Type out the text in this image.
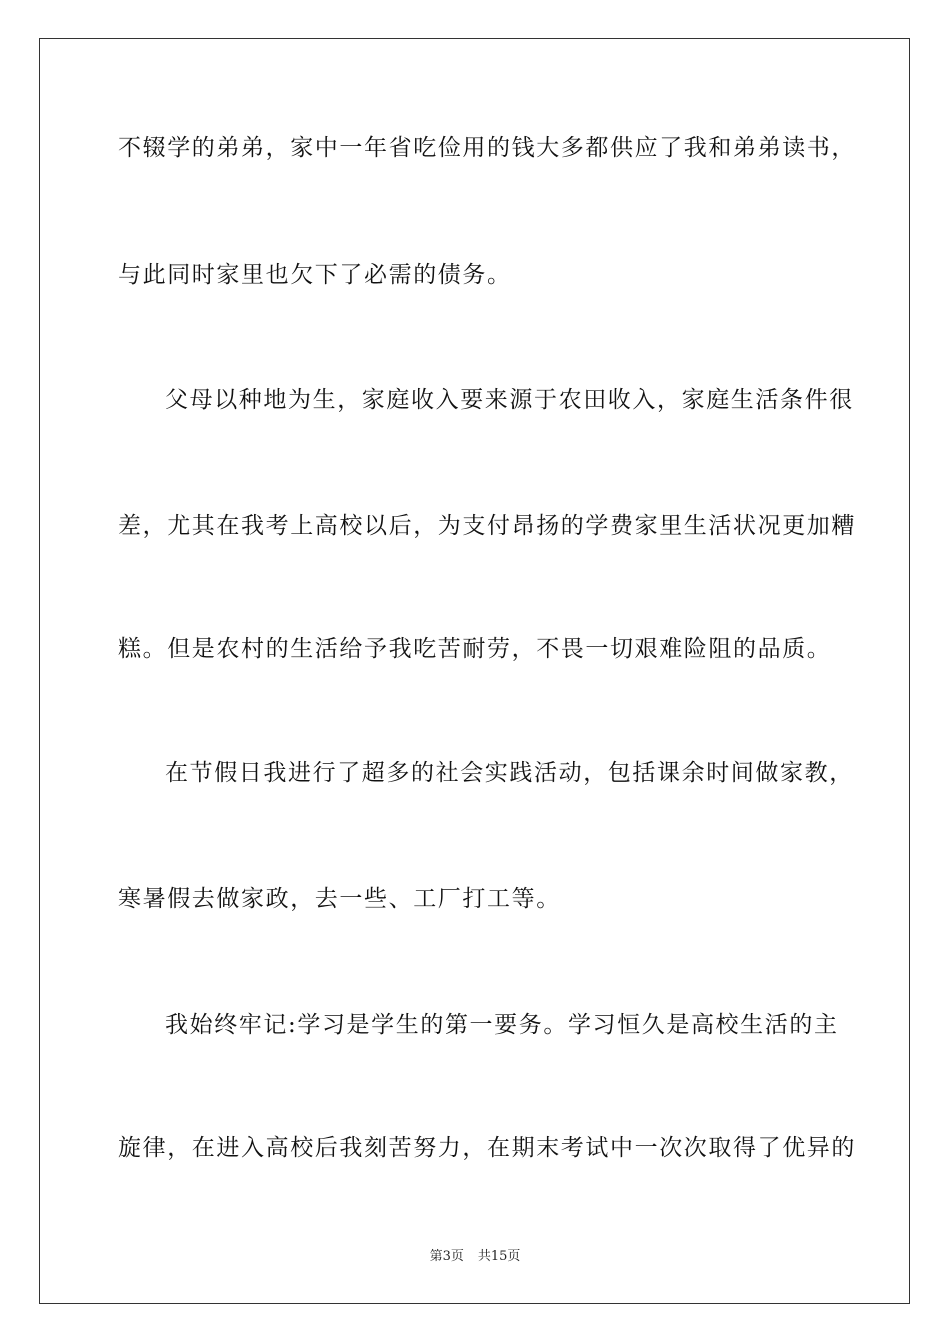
不辍学的弟弟，家中一年省吃俭用的钱大多都供应了我和弟弟读书，
与此同时家里也欠下了必需的债务。
父母以种地为生，家庭收入要来源于农田收入，家庭生活条件很
差，尤其在我考上高校以后，为支付昂扬的学费家里生活状况更加糟
糕。但是农村的生活给予我吃苦耐劳，不畏一切艰难险阻的品质。
在节假日我进行了超多的社会实践活动，包括课余时间做家教，
寒暑假去做家政，去一些、工厂打工等。
我始终牢记:学习是学生的第一要务。学习恒久是高校生活的主
旋律，在进入高校后我刻苦努力，在期末考试中一次次取得了优异的
第3页 共15页
